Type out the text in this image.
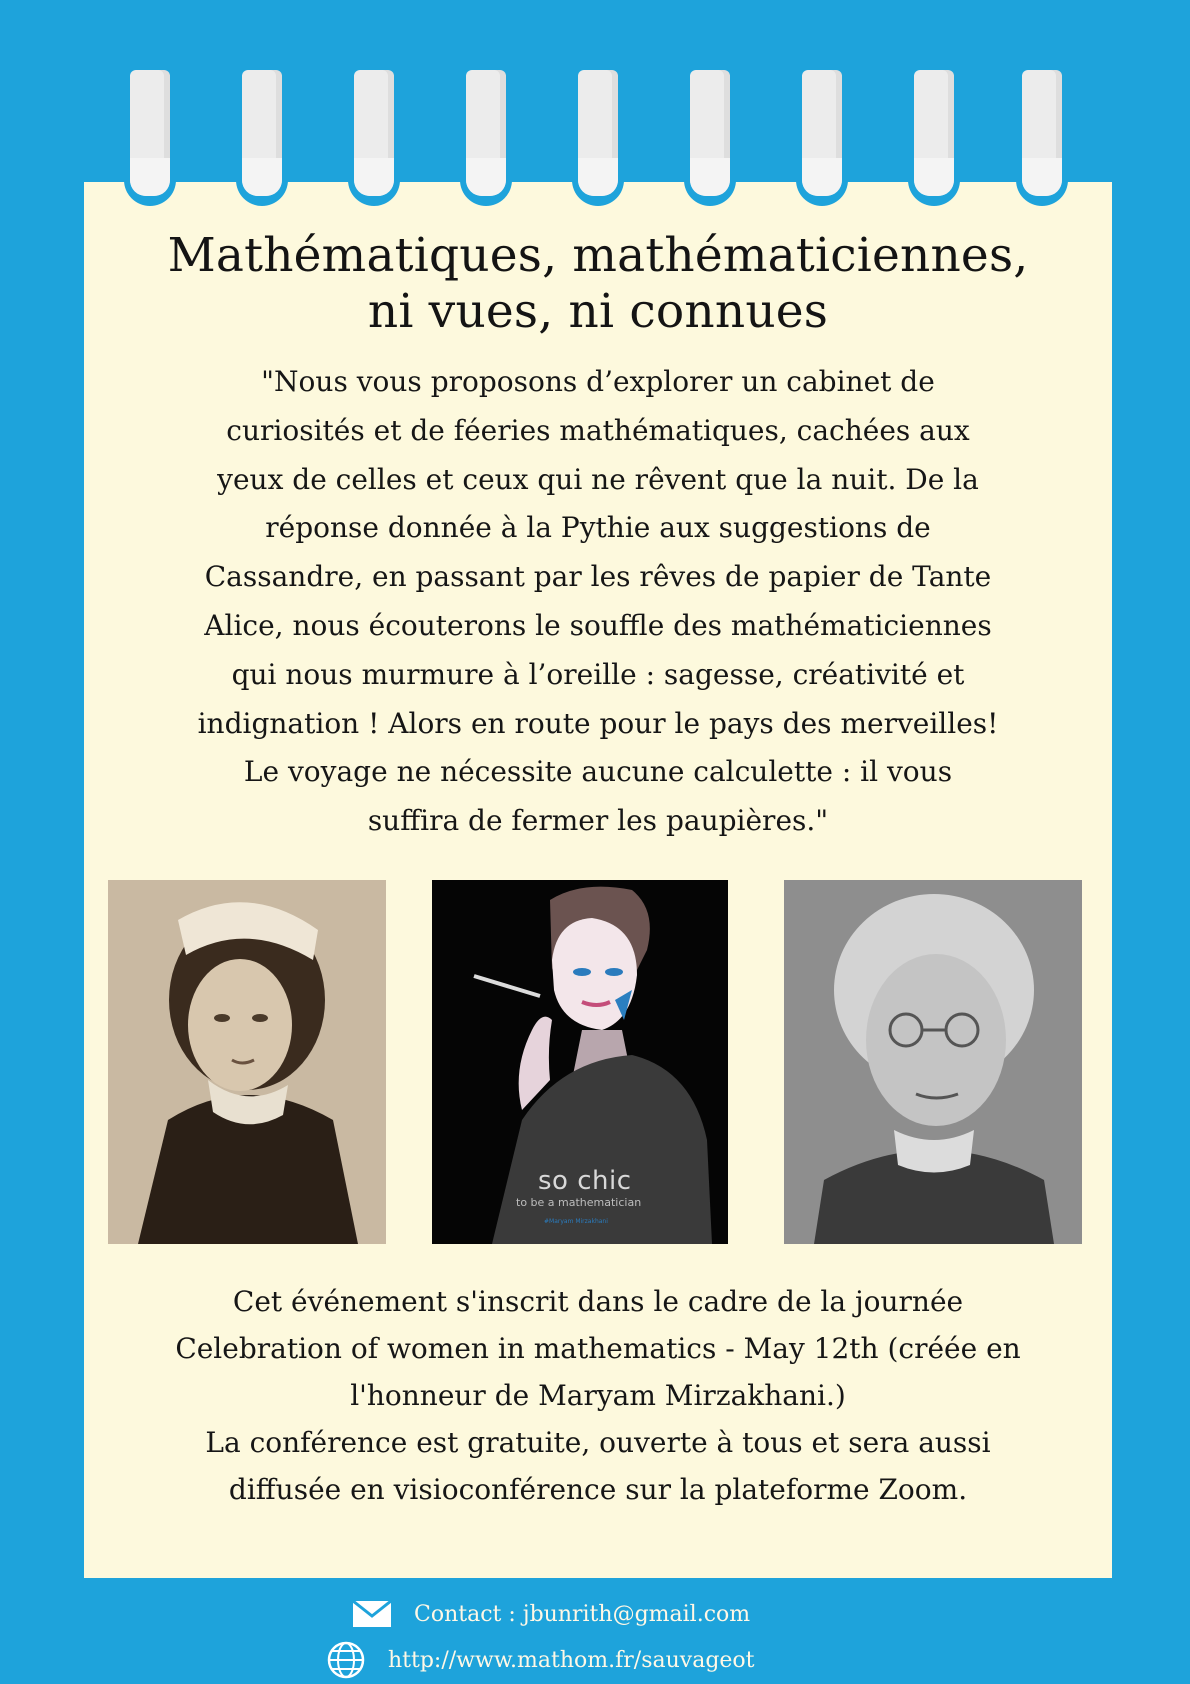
Mathématiques, mathématiciennes,
ni vues, ni connues
"Nous vous proposons d’explorer un cabinet de
curiosités et de féeries mathématiques, cachées aux
yeux de celles et ceux qui ne rêvent que la nuit. De la
réponse donnée à la Pythie aux suggestions de
Cassandre, en passant par les rêves de papier de Tante
Alice, nous écouterons le souffle des mathématiciennes
qui nous murmure à l’oreille : sagesse, créativité et
indignation ! Alors en route pour le pays des merveilles!
Le voyage ne nécessite aucune calculette : il vous
suffira de fermer les paupières."
so chic
to be a mathematician
#Maryam Mirzakhani
Cet événement s'inscrit dans le cadre de la journée
Celebration of women in mathematics - May 12th (créée en
l'honneur de Maryam Mirzakhani.)
La conférence est gratuite, ouverte à tous et sera aussi
diffusée en visioconférence sur la plateforme Zoom.
Contact : jbunrith@gmail.com
http://www.mathom.fr/sauvageot
